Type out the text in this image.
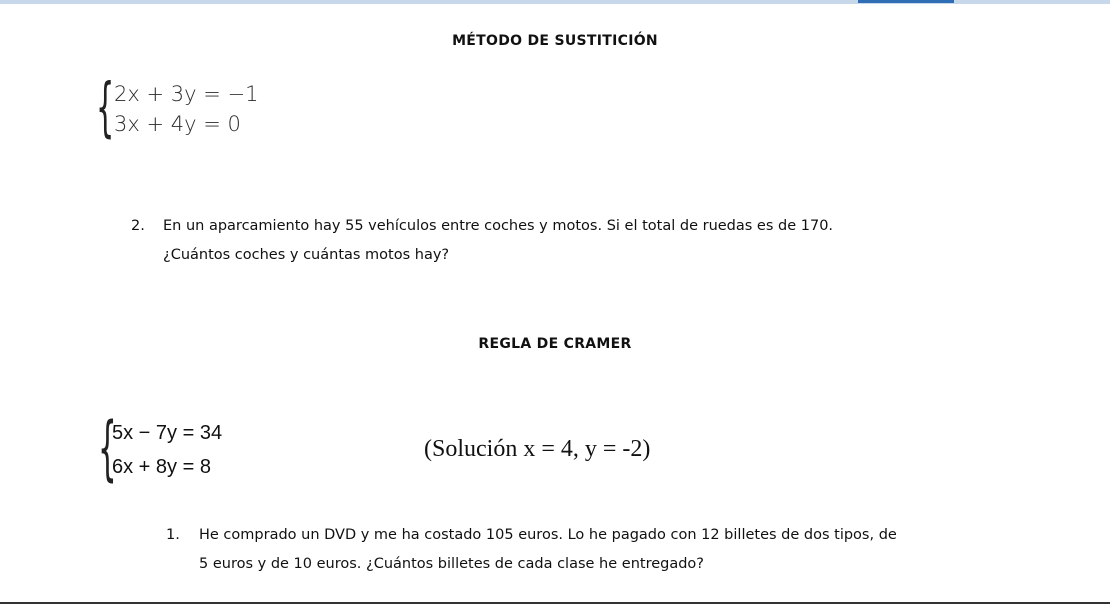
MÉTODO DE SUSTITICIÓN
{ 2x + 3y = −1
3x + 4y = 0
2. En un aparcamiento hay 55 vehículos entre coches y motos. Si el total de ruedas es de 170.
¿Cuántos coches y cuántas motos hay?
REGLA DE CRAMER
{
5x − 7y = 34
6x + 8y = 8
(Solución x = 4, y = -2)
1. He comprado un DVD y me ha costado 105 euros. Lo he pagado con 12 billetes de dos tipos, de
5 euros y de 10 euros. ¿Cuántos billetes de cada clase he entregado?
